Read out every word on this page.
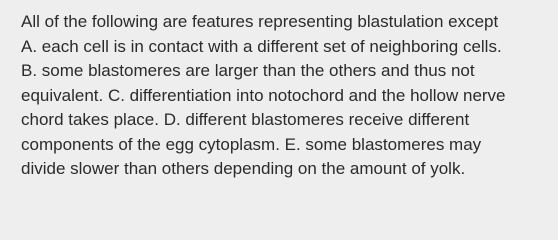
All of the following are features representing blastulation except
A. each cell is in contact with a different set of neighboring cells.
B. some blastomeres are larger than the others and thus not
equivalent. C. differentiation into notochord and the hollow nerve
chord takes place. D. different blastomeres receive different
components of the egg cytoplasm. E. some blastomeres may
divide slower than others depending on the amount of yolk.
